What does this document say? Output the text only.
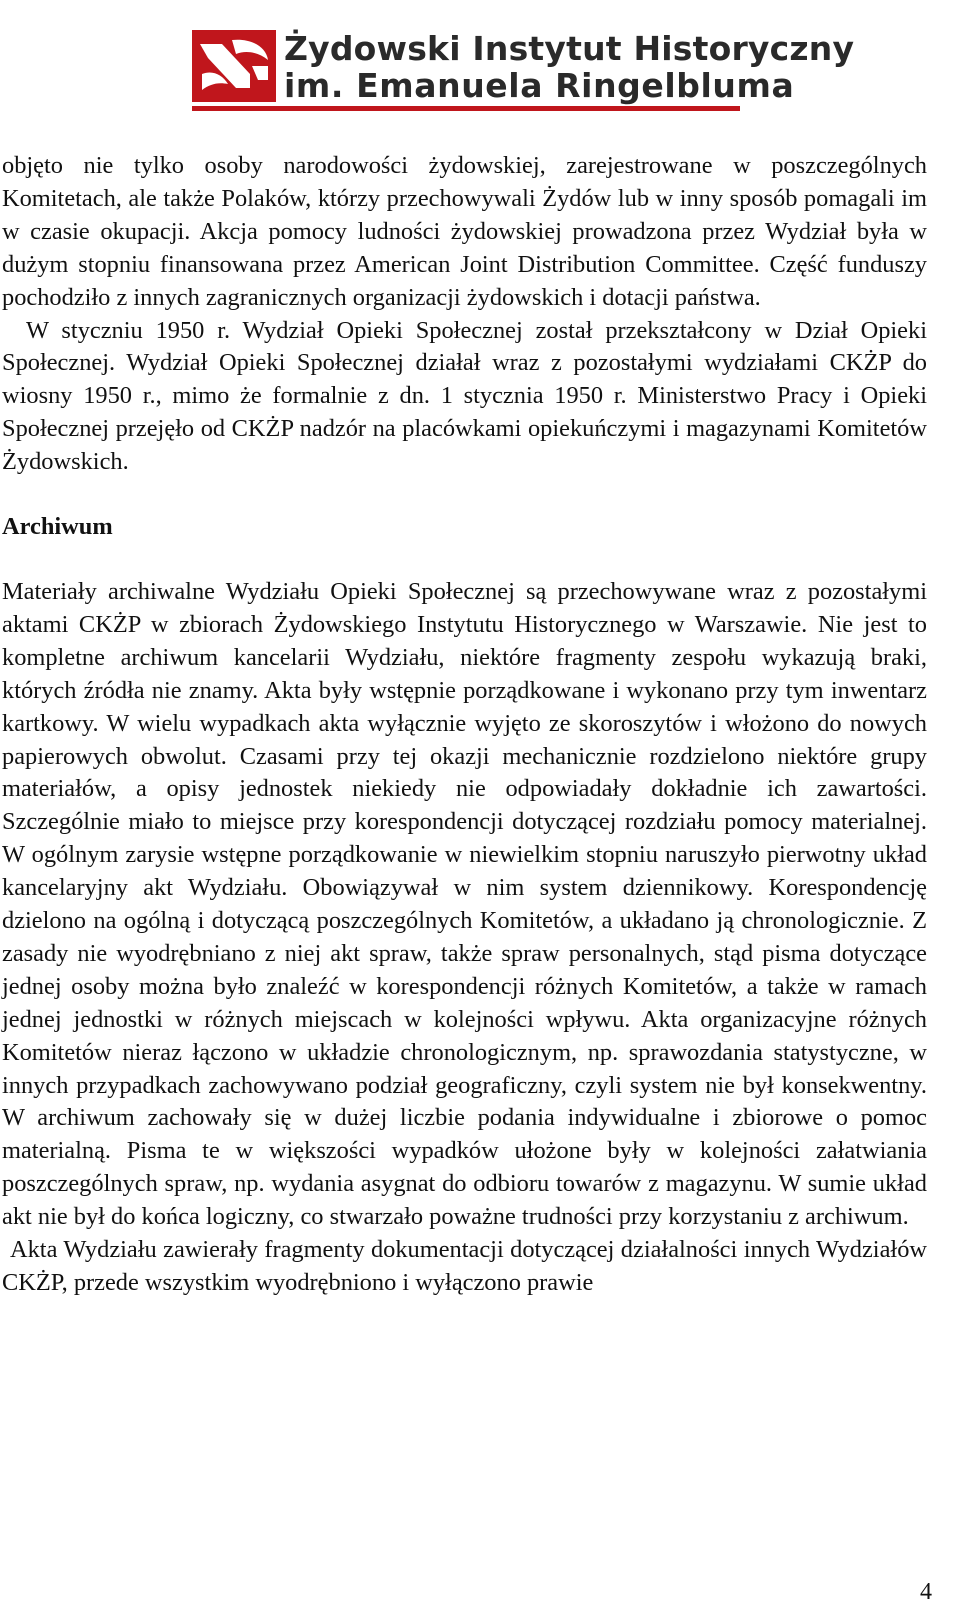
Żydowski Instytut Historyczny
im. Emanuela Ringelbluma

objęto nie tylko osoby narodowości żydowskiej, zarejestrowane w poszczególnych Komitetach, ale także Polaków, którzy przechowywali Żydów lub w inny sposób pomagali im w czasie okupacji. Akcja pomocy ludności żydowskiej prowadzona przez Wydział była w dużym stopniu finansowana przez American Joint Distribution Committee. Część funduszy pochodziło z innych zagranicznych organizacji żydowskich i dotacji państwa.

W styczniu 1950 r. Wydział Opieki Społecznej został przekształcony w Dział Opieki Społecznej. Wydział Opieki Społecznej działał wraz z pozostałymi wydziałami CKŻP do wiosny 1950 r., mimo że formalnie z dn. 1 stycznia 1950 r. Ministerstwo Pracy i Opieki Społecznej przejęło od CKŻP nadzór na placówkami opiekuńczymi i magazynami Komitetów Żydowskich.

Archiwum

Materiały archiwalne Wydziału Opieki Społecznej są przechowywane wraz z pozostałymi aktami CKŻP w zbiorach Żydowskiego Instytutu Historycznego w Warszawie. Nie jest to kompletne archiwum kancelarii Wydziału, niektóre fragmenty zespołu wykazują braki, których źródła nie znamy. Akta były wstępnie porządkowane i wykonano przy tym inwentarz kartkowy. W wielu wypadkach akta wyłącznie wyjęto ze skoroszytów i włożono do nowych papierowych obwolut. Czasami przy tej okazji mechanicznie rozdzielono niektóre grupy materiałów, a opisy jednostek niekiedy nie odpowiadały dokładnie ich zawartości. Szczególnie miało to miejsce przy korespondencji dotyczącej rozdziału pomocy materialnej. W ogólnym zarysie wstępne porządkowanie w niewielkim stopniu naruszyło pierwotny układ kancelaryjny akt Wydziału. Obowiązywał w nim system dziennikowy. Korespondencję dzielono na ogólną i dotyczącą poszczególnych Komitetów, a układano ją chronologicznie. Z zasady nie wyodrębniano z niej akt spraw, także spraw personalnych, stąd pisma dotyczące jednej osoby można było znaleźć w korespondencji różnych Komitetów, a także w ramach jednej jednostki w różnych miejscach w kolejności wpływu. Akta organizacyjne różnych Komitetów nieraz łączono w układzie chronologicznym, np. sprawozdania statystyczne, w innych przypadkach zachowywano podział geograficzny, czyli system nie był konsekwentny. W archiwum zachowały się w dużej liczbie podania indywidualne i zbiorowe o pomoc materialną. Pisma te w większości wypadków ułożone były w kolejności załatwiania poszczególnych spraw, np. wydania asygnat do odbioru towarów z magazynu. W sumie układ akt nie był do końca logiczny, co stwarzało poważne trudności przy korzystaniu z archiwum.

Akta Wydziału zawierały fragmenty dokumentacji dotyczącej działalności innych Wydziałów CKŻP, przede wszystkim wyodrębniono i wyłączono prawie

4
